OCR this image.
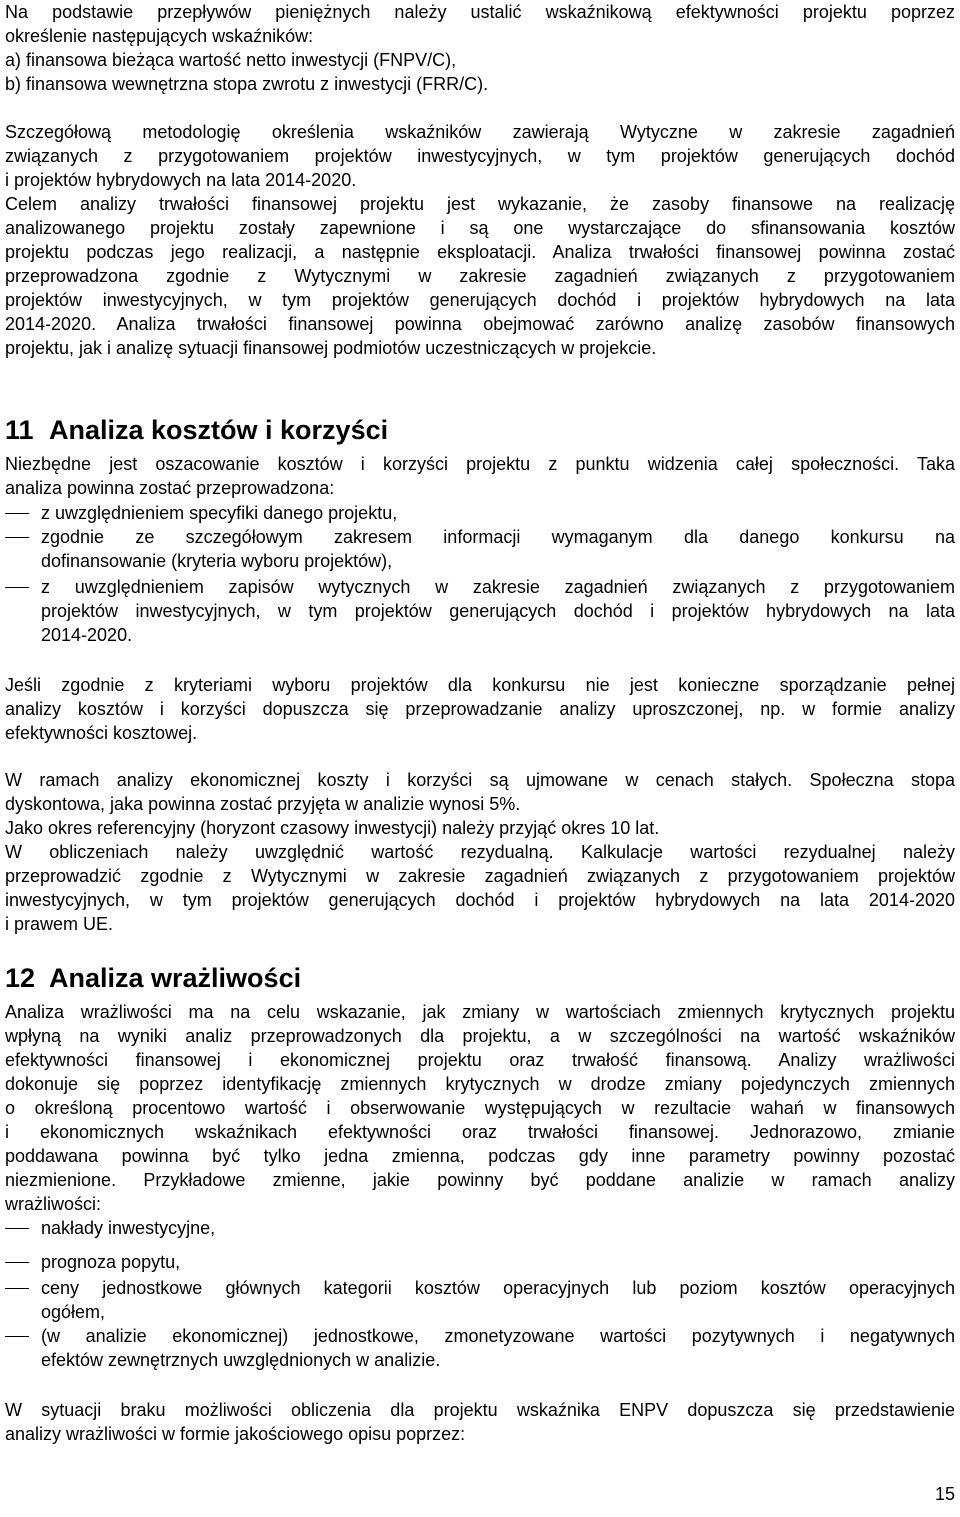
Na podstawie przepływów pieniężnych należy ustalić wskaźnikową efektywności projektu poprzez
określenie następujących wskaźników:
a) finansowa bieżąca wartość netto inwestycji (FNPV/C),
b) finansowa wewnętrzna stopa zwrotu z inwestycji (FRR/C).
Szczegółową metodologię określenia wskaźników zawierają Wytyczne w zakresie zagadnień
związanych z przygotowaniem projektów inwestycyjnych, w tym projektów generujących dochód
i projektów hybrydowych na lata 2014-2020.
Celem analizy trwałości finansowej projektu jest wykazanie, że zasoby finansowe na realizację
analizowanego projektu zostały zapewnione i są one wystarczające do sfinansowania kosztów
projektu podczas jego realizacji, a następnie eksploatacji. Analiza trwałości finansowej powinna zostać
przeprowadzona zgodnie z Wytycznymi w zakresie zagadnień związanych z przygotowaniem
projektów inwestycyjnych, w tym projektów generujących dochód i projektów hybrydowych na lata
2014-2020. Analiza trwałości finansowej powinna obejmować zarówno analizę zasobów finansowych
projektu, jak i analizę sytuacji finansowej podmiotów uczestniczących w projekcie.
11 Analiza kosztów i korzyści
Niezbędne jest oszacowanie kosztów i korzyści projektu z punktu widzenia całej społeczności. Taka
analiza powinna zostać przeprowadzona:
z uwzględnieniem specyfiki danego projektu,
zgodnie ze szczegółowym zakresem informacji wymaganym dla danego konkursu na
dofinansowanie (kryteria wyboru projektów),
z uwzględnieniem zapisów wytycznych w zakresie zagadnień związanych z przygotowaniem
projektów inwestycyjnych, w tym projektów generujących dochód i projektów hybrydowych na lata
2014-2020.
Jeśli zgodnie z kryteriami wyboru projektów dla konkursu nie jest konieczne sporządzanie pełnej
analizy kosztów i korzyści dopuszcza się przeprowadzanie analizy uproszczonej, np. w formie analizy
efektywności kosztowej.
W ramach analizy ekonomicznej koszty i korzyści są ujmowane w cenach stałych. Społeczna stopa
dyskontowa, jaka powinna zostać przyjęta w analizie wynosi 5%.
Jako okres referencyjny (horyzont czasowy inwestycji) należy przyjąć okres 10 lat.
W obliczeniach należy uwzględnić wartość rezydualną. Kalkulacje wartości rezydualnej należy
przeprowadzić zgodnie z Wytycznymi w zakresie zagadnień związanych z przygotowaniem projektów
inwestycyjnych, w tym projektów generujących dochód i projektów hybrydowych na lata 2014-2020
i prawem UE.
12 Analiza wrażliwości
Analiza wrażliwości ma na celu wskazanie, jak zmiany w wartościach zmiennych krytycznych projektu
wpłyną na wyniki analiz przeprowadzonych dla projektu, a w szczególności na wartość wskaźników
efektywności finansowej i ekonomicznej projektu oraz trwałość finansową. Analizy wrażliwości
dokonuje się poprzez identyfikację zmiennych krytycznych w drodze zmiany pojedynczych zmiennych
o określoną procentowo wartość i obserwowanie występujących w rezultacie wahań w finansowych
i ekonomicznych wskaźnikach efektywności oraz trwałości finansowej. Jednorazowo, zmianie
poddawana powinna być tylko jedna zmienna, podczas gdy inne parametry powinny pozostać
niezmienione. Przykładowe zmienne, jakie powinny być poddane analizie w ramach analizy
wrażliwości:
nakłady inwestycyjne,
prognoza popytu,
ceny jednostkowe głównych kategorii kosztów operacyjnych lub poziom kosztów operacyjnych
ogółem,
(w analizie ekonomicznej) jednostkowe, zmonetyzowane wartości pozytywnych i negatywnych
efektów zewnętrznych uwzględnionych w analizie.
W sytuacji braku możliwości obliczenia dla projektu wskaźnika ENPV dopuszcza się przedstawienie
analizy wrażliwości w formie jakościowego opisu poprzez:
15
